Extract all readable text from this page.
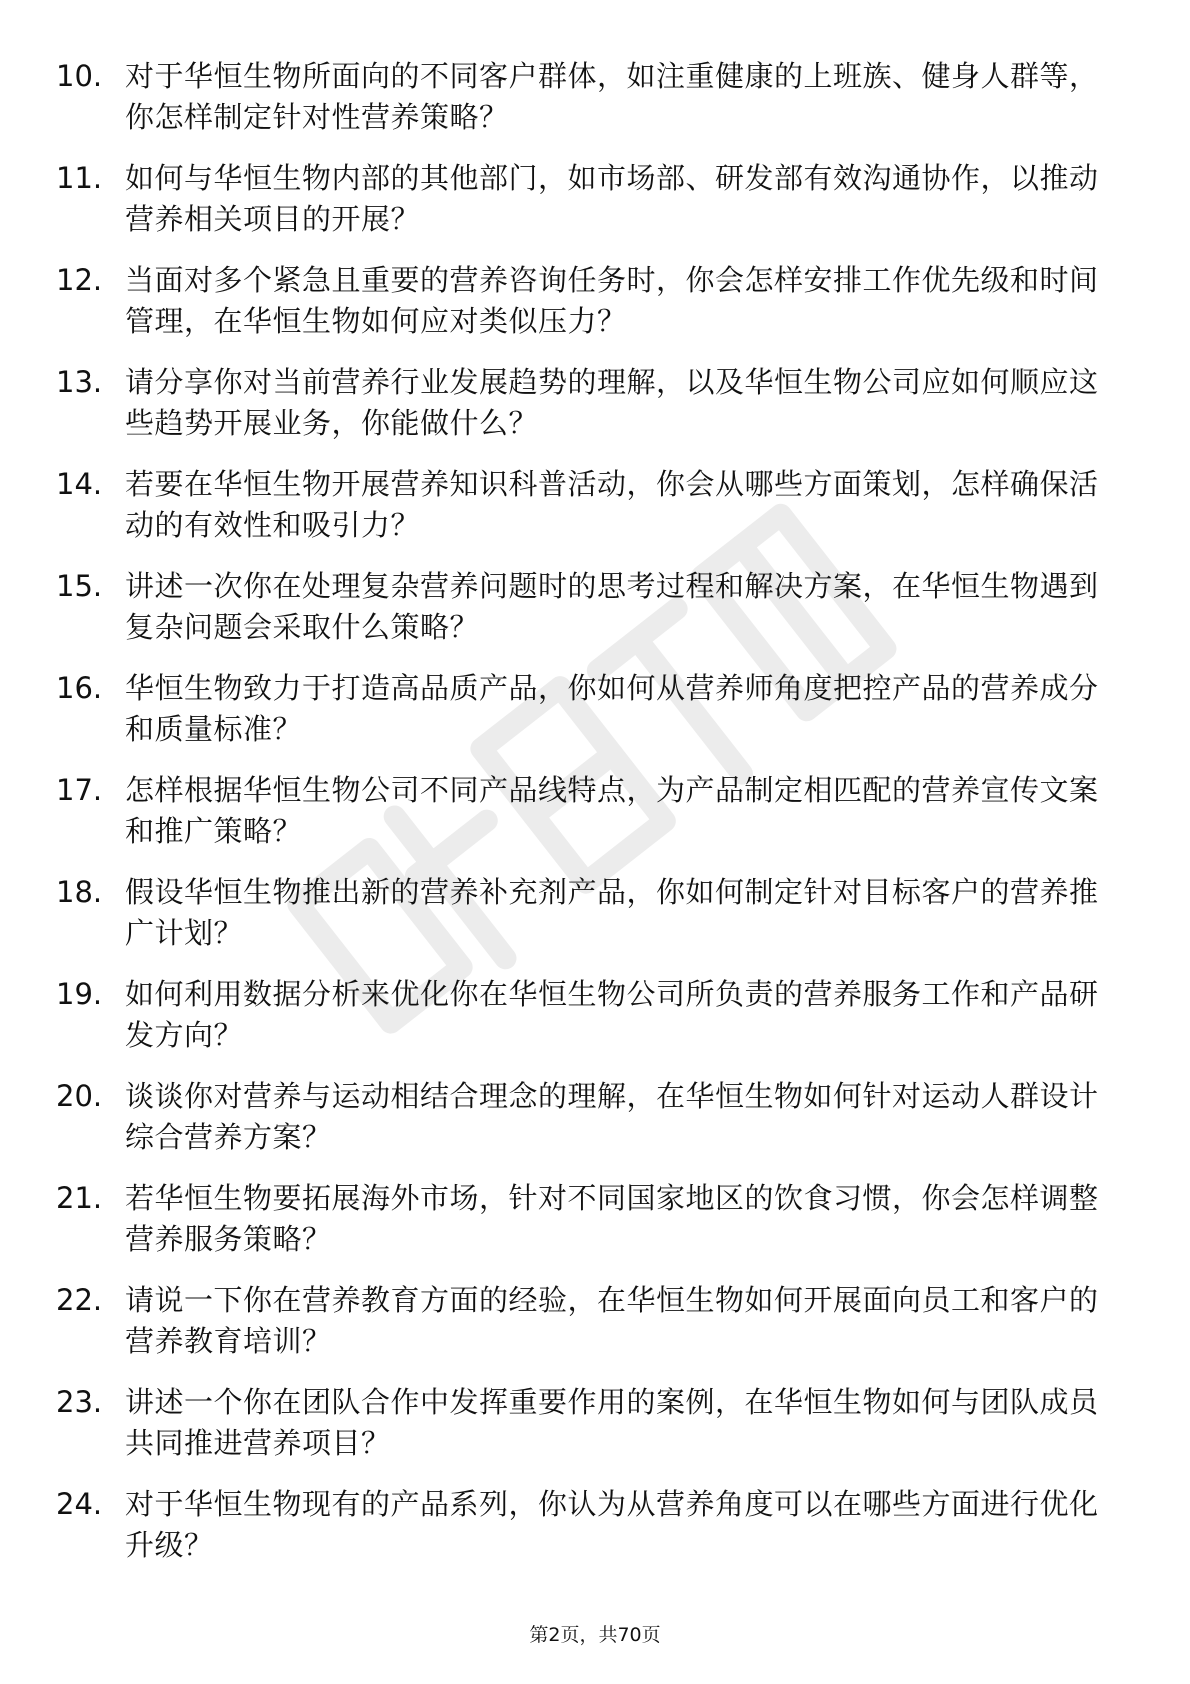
10. 对于华恒生物所面向的不同客户群体，如注重健康的上班族、健身人群等，你怎样制定针对性营养策略？
11. 如何与华恒生物内部的其他部门，如市场部、研发部有效沟通协作，以推动营养相关项目的开展？
12. 当面对多个紧急且重要的营养咨询任务时，你会怎样安排工作优先级和时间管理，在华恒生物如何应对类似压力？
13. 请分享你对当前营养行业发展趋势的理解，以及华恒生物公司应如何顺应这些趋势开展业务，你能做什么？
14. 若要在华恒生物开展营养知识科普活动，你会从哪些方面策划，怎样确保活动的有效性和吸引力？
15. 讲述一次你在处理复杂营养问题时的思考过程和解决方案，在华恒生物遇到复杂问题会采取什么策略？
16. 华恒生物致力于打造高品质产品，你如何从营养师角度把控产品的营养成分和质量标准？
17. 怎样根据华恒生物公司不同产品线特点，为产品制定相匹配的营养宣传文案和推广策略？
18. 假设华恒生物推出新的营养补充剂产品，你如何制定针对目标客户的营养推广计划？
19. 如何利用数据分析来优化你在华恒生物公司所负责的营养服务工作和产品研发方向？
20. 谈谈你对营养与运动相结合理念的理解，在华恒生物如何针对运动人群设计综合营养方案？
21. 若华恒生物要拓展海外市场，针对不同国家地区的饮食习惯，你会怎样调整营养服务策略？
22. 请说一下你在营养教育方面的经验，在华恒生物如何开展面向员工和客户的营养教育培训？
23. 讲述一个你在团队合作中发挥重要作用的案例，在华恒生物如何与团队成员共同推进营养项目？
24. 对于华恒生物现有的产品系列，你认为从营养角度可以在哪些方面进行优化升级？
第2页，共70页
